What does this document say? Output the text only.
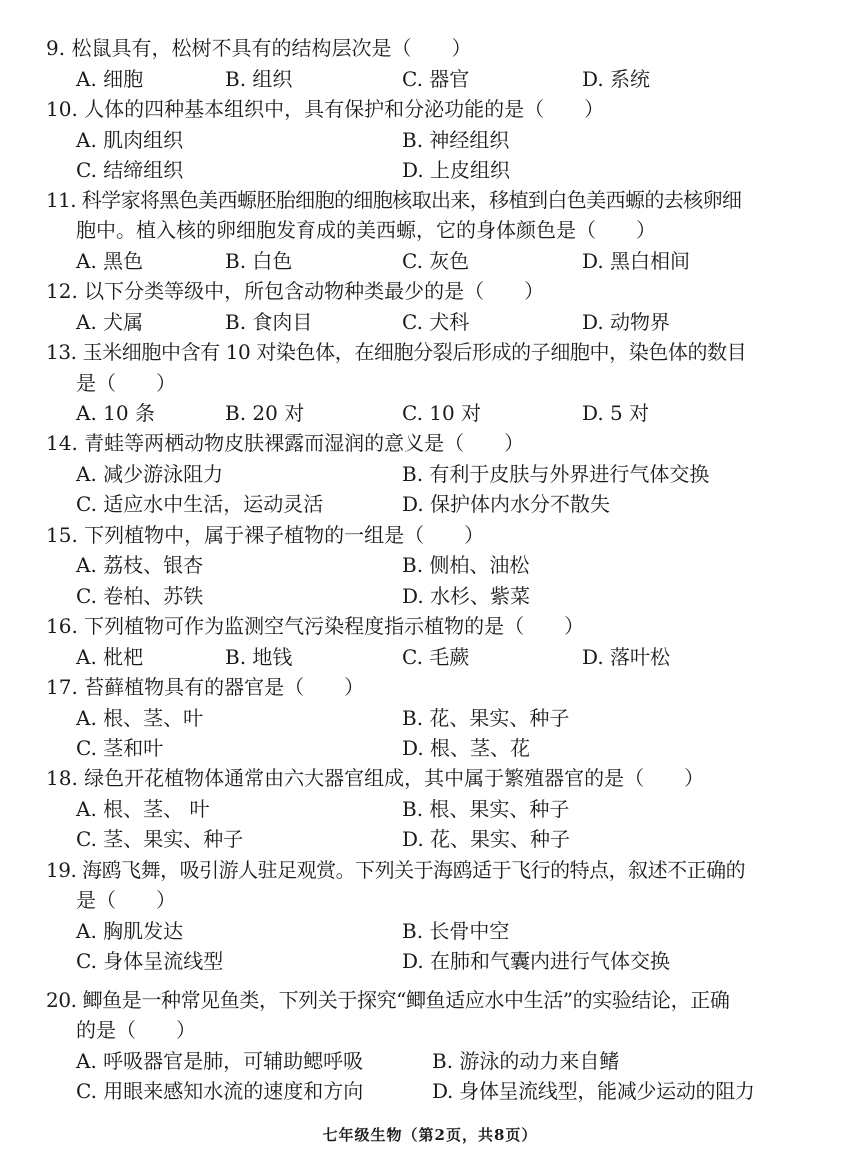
9. 松鼠具有，松树不具有的结构层次是（　　）
A. 细胞	B. 组织	C. 器官	D. 系统
10. 人体的四种基本组织中，具有保护和分泌功能的是（　　）
A. 肌肉组织	B. 神经组织
C. 结缔组织	D. 上皮组织
11. 科学家将黑色美西螈胚胎细胞的细胞核取出来，移植到白色美西螈的去核卵细
胞中。植入核的卵细胞发育成的美西螈，它的身体颜色是（　　）
A. 黑色	B. 白色	C. 灰色	D. 黑白相间
12. 以下分类等级中，所包含动物种类最少的是（　　）
A. 犬属	B. 食肉目	C. 犬科	D. 动物界
13. 玉米细胞中含有 10 对染色体，在细胞分裂后形成的子细胞中，染色体的数目
是（　　）
A. 10 条	B. 20 对	C. 10 对	D. 5 对
14. 青蛙等两栖动物皮肤裸露而湿润的意义是（　　）
A. 减少游泳阻力	B. 有利于皮肤与外界进行气体交换
C. 适应水中生活，运动灵活	D. 保护体内水分不散失
15. 下列植物中，属于裸子植物的一组是（　　）
A. 荔枝、银杏	B. 侧柏、油松
C. 卷柏、苏铁	D. 水杉、紫菜
16. 下列植物可作为监测空气污染程度指示植物的是（　　）
A. 枇杷	B. 地钱	C. 毛蕨	D. 落叶松
17. 苔藓植物具有的器官是（　　）
A. 根、茎、叶	B. 花、果实、种子
C. 茎和叶	D. 根、茎、花
18. 绿色开花植物体通常由六大器官组成，其中属于繁殖器官的是（　　）
A. 根、茎、 叶	B. 根、果实、种子
C. 茎、果实、种子	D. 花、果实、种子
19. 海鸥飞舞，吸引游人驻足观赏。下列关于海鸥适于飞行的特点，叙述不正确的
是（　　）
A. 胸肌发达	B. 长骨中空
C. 身体呈流线型	D. 在肺和气囊内进行气体交换
20. 鲫鱼是一种常见鱼类，下列关于探究“鲫鱼适应水中生活”的实验结论，正确
的是（　　）
A. 呼吸器官是肺，可辅助鳃呼吸	B. 游泳的动力来自鳍
C. 用眼来感知水流的速度和方向	D. 身体呈流线型，能减少运动的阻力
七年级生物（第2页，共8页）
